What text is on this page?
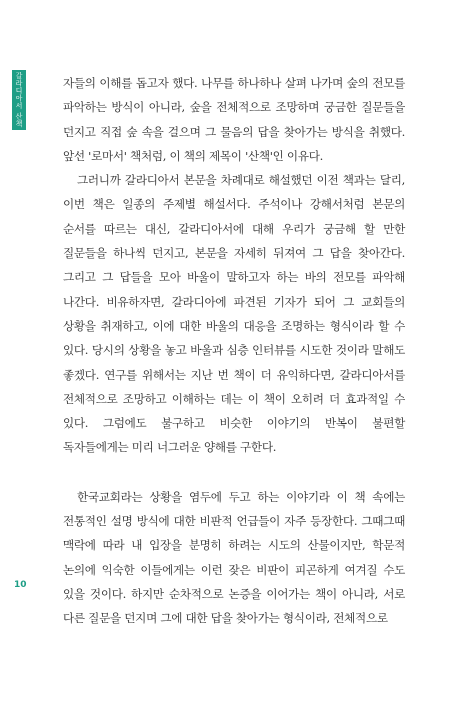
갈라디아서 산책
10

자들의 이해를 돕고자 했다. 나무를 하나하나 살펴 나가며 숲의 전모를 파악하는 방식이 아니라, 숲을 전체적으로 조망하며 궁금한 질문들을 던지고 직접 숲 속을 걸으며 그 물음의 답을 찾아가는 방식을 취했다. 앞선 '로마서' 책처럼, 이 책의 제목이 '산책'인 이유다.

그러니까 갈라디아서 본문을 차례대로 해설했던 이전 책과는 달리, 이번 책은 일종의 주제별 해설서다. 주석이나 강해서처럼 본문의 순서를 따르는 대신, 갈라디아서에 대해 우리가 궁금해 할 만한 질문들을 하나씩 던지고, 본문을 자세히 뒤져여 그 답을 찾아간다. 그리고 그 답들을 모아 바울이 말하고자 하는 바의 전모를 파악해 나간다. 비유하자면, 갈라디아에 파견된 기자가 되어 그 교회들의 상황을 취재하고, 이에 대한 바울의 대응을 조명하는 형식이라 할 수 있다. 당시의 상황을 놓고 바울과 심층 인터뷰를 시도한 것이라 말해도 좋겠다. 연구를 위해서는 지난 번 책이 더 유익하다면, 갈라디아서를 전체적으로 조망하고 이해하는 데는 이 책이 오히려 더 효과적일 수 있다. 그럼에도 불구하고 비슷한 이야기의 반복이 불편할 독자들에게는 미리 너그러운 양해를 구한다.

한국교회라는 상황을 염두에 두고 하는 이야기라 이 책 속에는 전통적인 설명 방식에 대한 비판적 언급들이 자주 등장한다. 그때그때 맥락에 따라 내 입장을 분명히 하려는 시도의 산물이지만, 학문적 논의에 익숙한 이들에게는 이런 잦은 비판이 피곤하게 여겨질 수도 있을 것이다. 하지만 순차적으로 논증을 이어가는 책이 아니라, 서로 다른 질문을 던지며 그에 대한 답을 찾아가는 형식이라, 전체적으로
